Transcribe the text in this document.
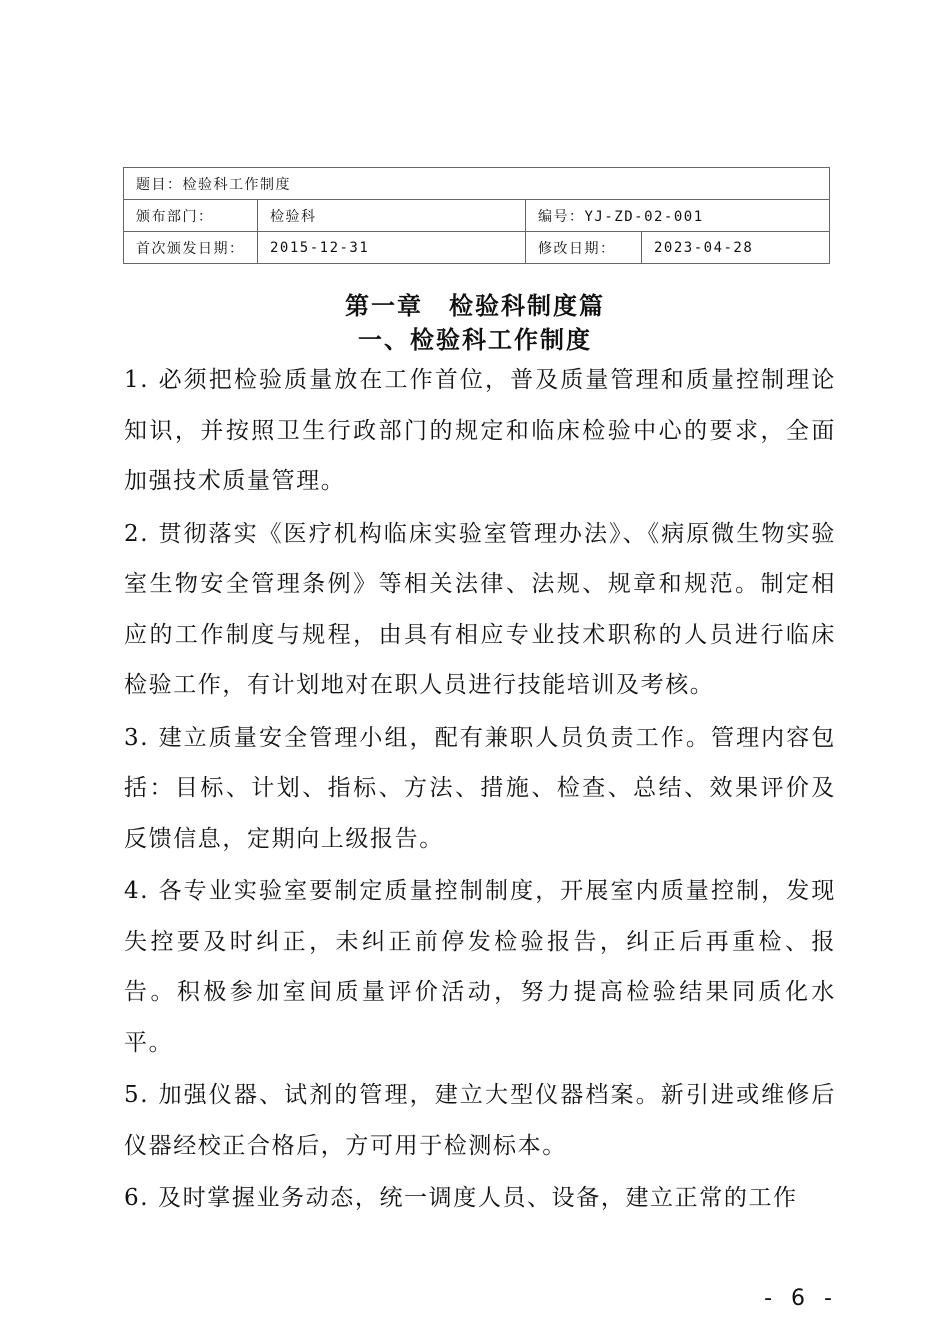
题目：检验科工作制度			
颁布部门：	检验科	编号：YJ-ZD-02-001	
首次颁发日期：	2015-12-31	修改日期：	2023-04-28
第一章　检验科制度篇
一、检验科工作制度

1. 必须把检验质量放在工作首位，普及质量管理和质量控制理论知识，并按照卫生行政部门的规定和临床检验中心的要求，全面加强技术质量管理。

2. 贯彻落实《医疗机构临床实验室管理办法》、《病原微生物实验室生物安全管理条例》等相关法律、法规、规章和规范。制定相应的工作制度与规程，由具有相应专业技术职称的人员进行临床检验工作，有计划地对在职人员进行技能培训及考核。

3. 建立质量安全管理小组，配有兼职人员负责工作。管理内容包括：目标、计划、指标、方法、措施、检查、总结、效果评价及反馈信息，定期向上级报告。

4. 各专业实验室要制定质量控制制度，开展室内质量控制，发现失控要及时纠正，未纠正前停发检验报告，纠正后再重检、报告。积极参加室间质量评价活动，努力提高检验结果同质化水平。

5. 加强仪器、试剂的管理，建立大型仪器档案。新引进或维修后仪器经校正合格后，方可用于检测标本。

6. 及时掌握业务动态，统一调度人员、设备，建立正常的工作

- 6 -
